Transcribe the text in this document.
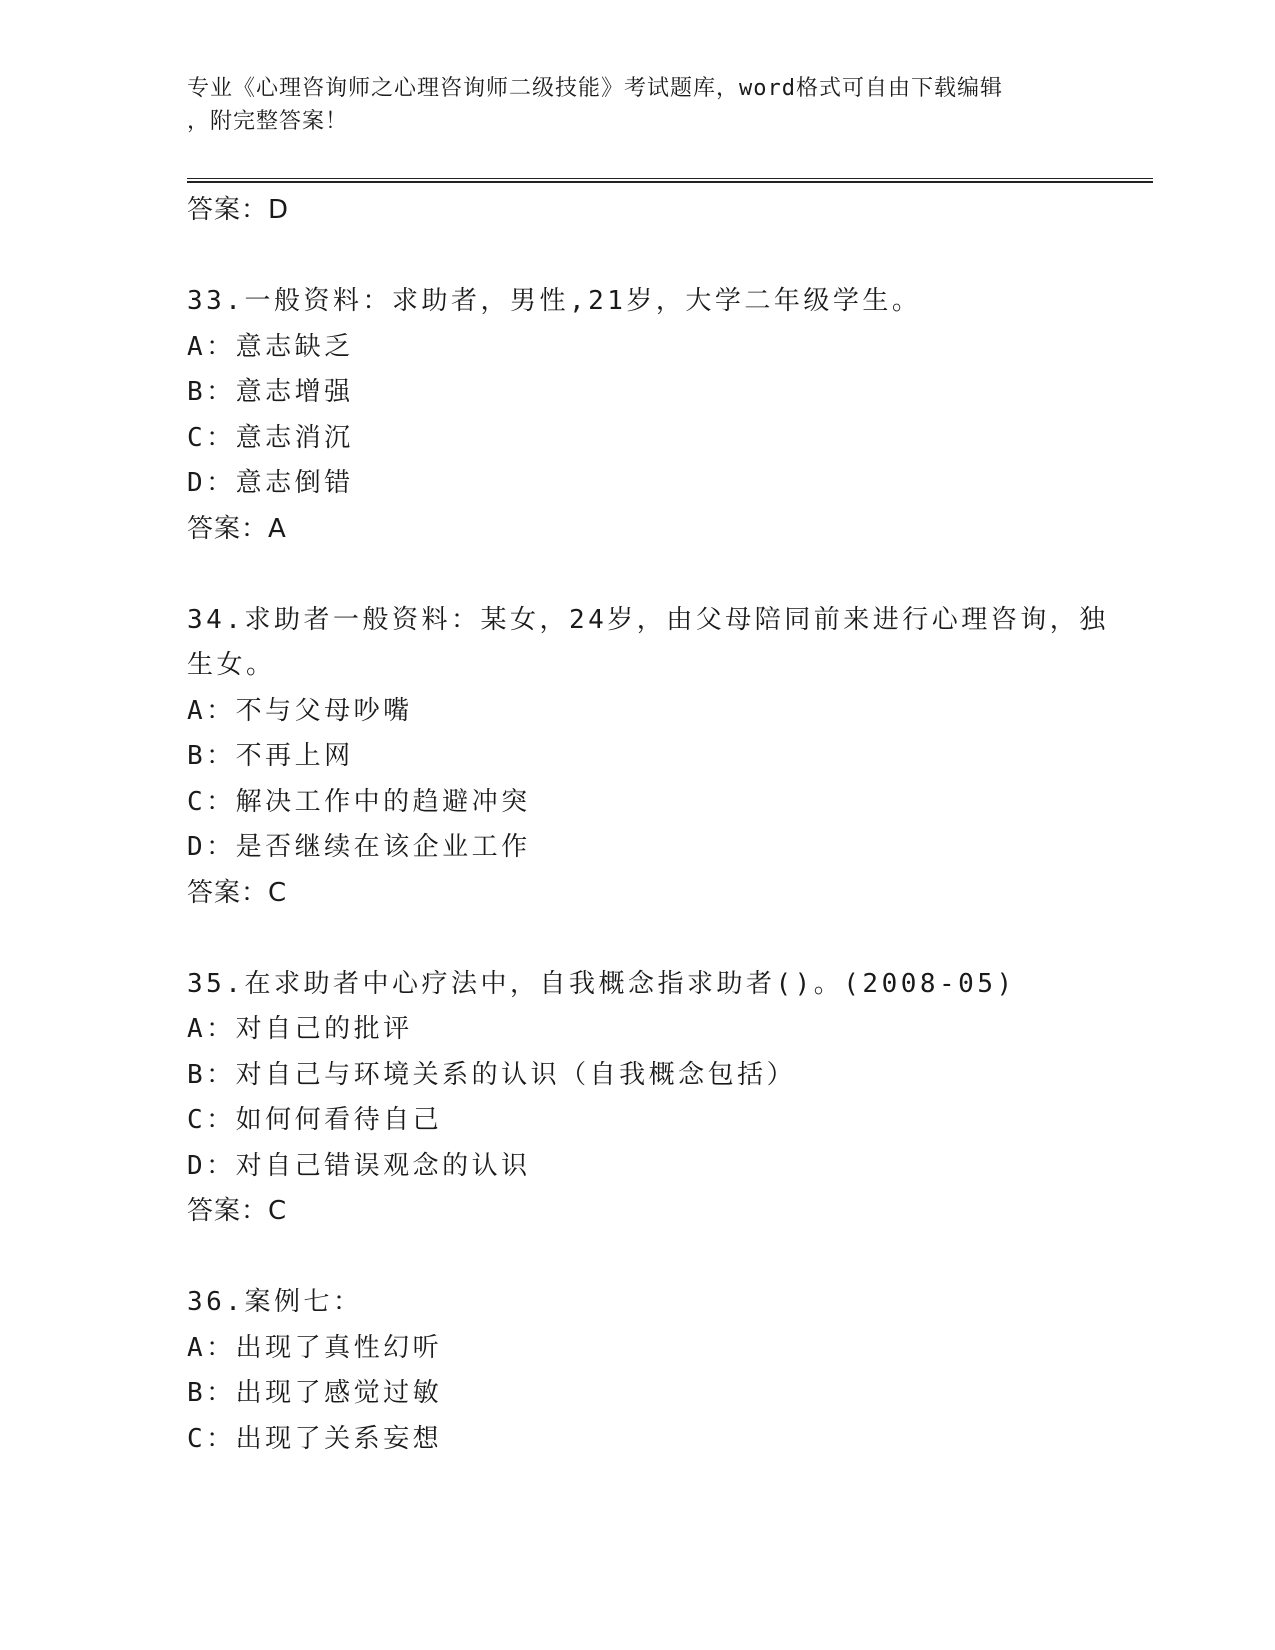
专业《心理咨询师之心理咨询师二级技能》考试题库，word格式可自由下载编辑
，附完整答案！
答案：D
33.一般资料：求助者，男性,21岁，大学二年级学生。
A：意志缺乏
B：意志增强
C：意志消沉
D：意志倒错
答案：A
34.求助者一般资料：某女，24岁，由父母陪同前来进行心理咨询，独
生女。
A：不与父母吵嘴
B：不再上网
C：解决工作中的趋避冲突
D：是否继续在该企业工作
答案：C
35.在求助者中心疗法中，自我概念指求助者()。(2008-05)
A：对自己的批评
B：对自己与环境关系的认识（自我概念包括）
C：如何何看待自己
D：对自己错误观念的认识
答案：C
36.案例七：
A：出现了真性幻听
B：出现了感觉过敏
C：出现了关系妄想
